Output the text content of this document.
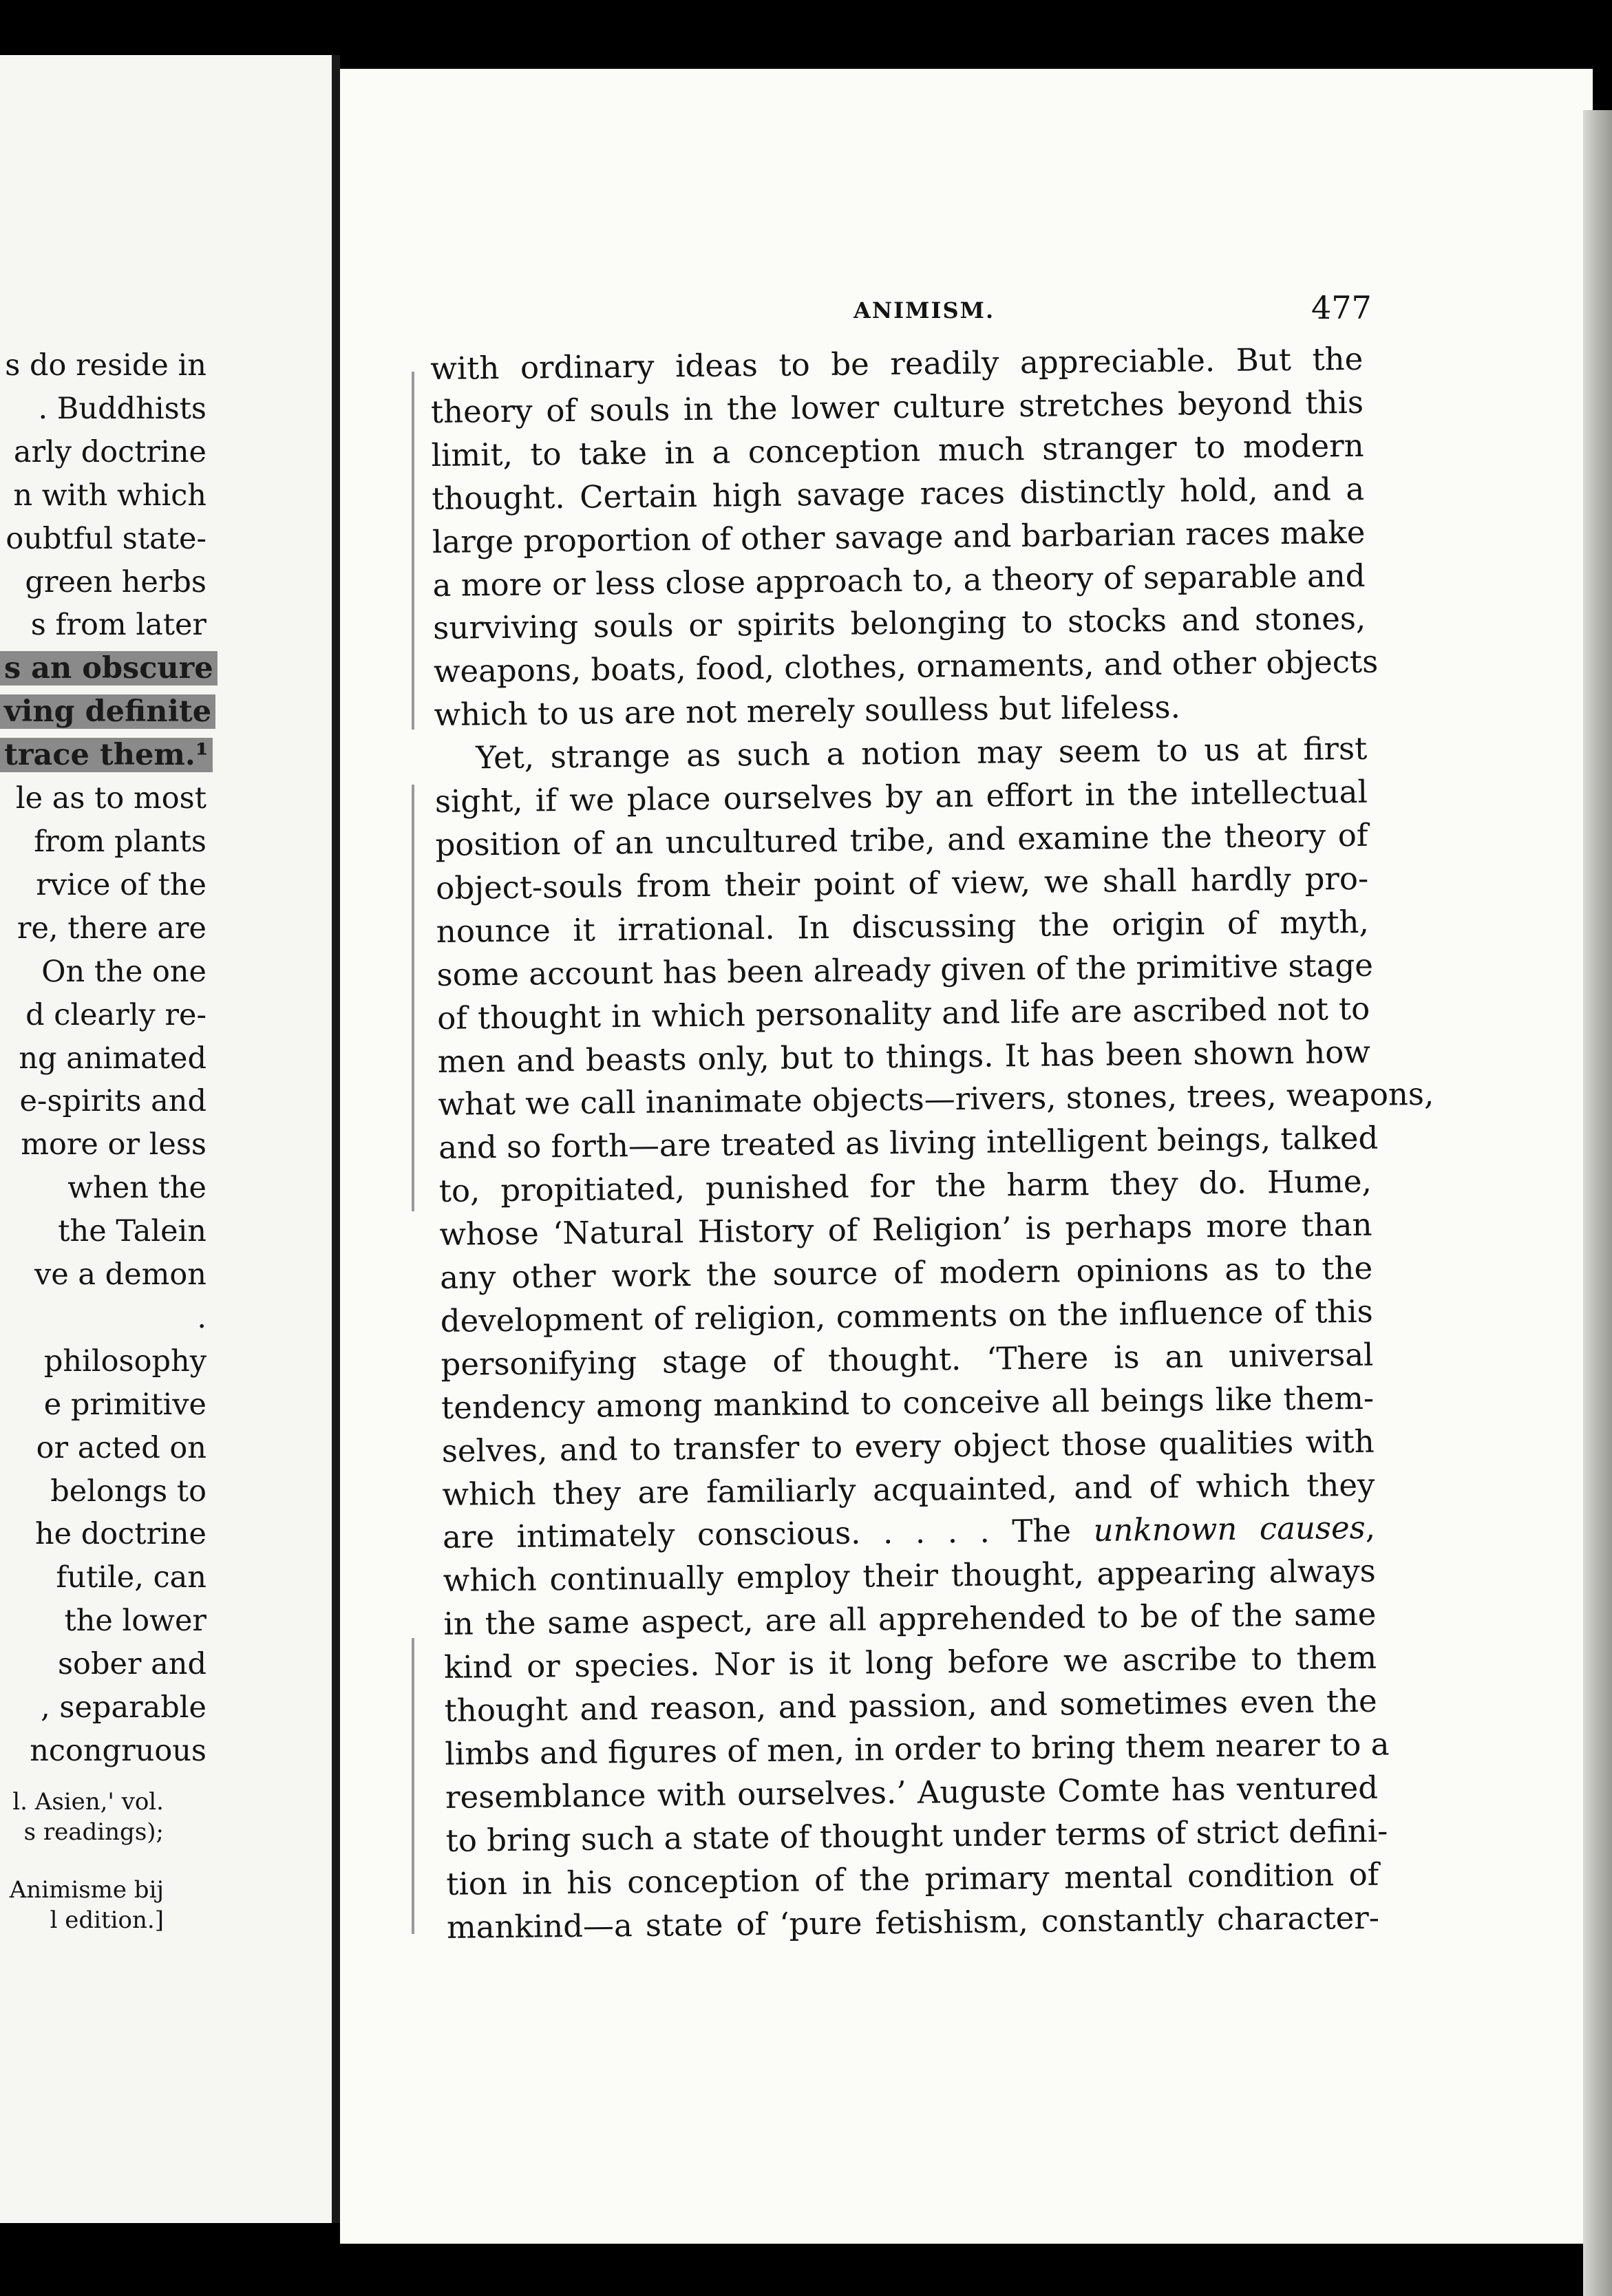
s do reside in
. Buddhists
arly doctrine
n with which
oubtful state-
green herbs
s from later
s an obscure
ving definite
trace them.¹
le as to most
from plants
rvice of the
re, there are
On the one
d clearly re-
ng animated
e-spirits and
more or less
when the
the Talein
ve a demon
.
philosophy
e primitive
or acted on
belongs to
he doctrine
futile, can
the lower
sober and
, separable
ncongruous
l. Asien,' vol.
s readings);
Animisme bij
l edition.]
ANIMISM.	477
with ordinary ideas to be readily appreciable. But the
theory of souls in the lower culture stretches beyond this
limit, to take in a conception much stranger to modern
thought. Certain high savage races distinctly hold, and a
large proportion of other savage and barbarian races make
a more or less close approach to, a theory of separable and
surviving souls or spirits belonging to stocks and stones,
weapons, boats, food, clothes, ornaments, and other objects
which to us are not merely soulless but lifeless.
Yet, strange as such a notion may seem to us at first
sight, if we place ourselves by an effort in the intellectual
position of an uncultured tribe, and examine the theory of
object-souls from their point of view, we shall hardly pro-
nounce it irrational. In discussing the origin of myth,
some account has been already given of the primitive stage
of thought in which personality and life are ascribed not to
men and beasts only, but to things. It has been shown how
what we call inanimate objects—rivers, stones, trees, weapons,
and so forth—are treated as living intelligent beings, talked
to, propitiated, punished for the harm they do. Hume,
whose ‘Natural History of Religion’ is perhaps more than
any other work the source of modern opinions as to the
development of religion, comments on the influence of this
personifying stage of thought. ‘There is an universal
tendency among mankind to conceive all beings like them-
selves, and to transfer to every object those qualities with
which they are familiarly acquainted, and of which they
are intimately conscious. . . . . The unknown causes,
which continually employ their thought, appearing always
in the same aspect, are all apprehended to be of the same
kind or species. Nor is it long before we ascribe to them
thought and reason, and passion, and sometimes even the
limbs and figures of men, in order to bring them nearer to a
resemblance with ourselves.’ Auguste Comte has ventured
to bring such a state of thought under terms of strict defini-
tion in his conception of the primary mental condition of
mankind—a state of ‘pure fetishism, constantly character-
